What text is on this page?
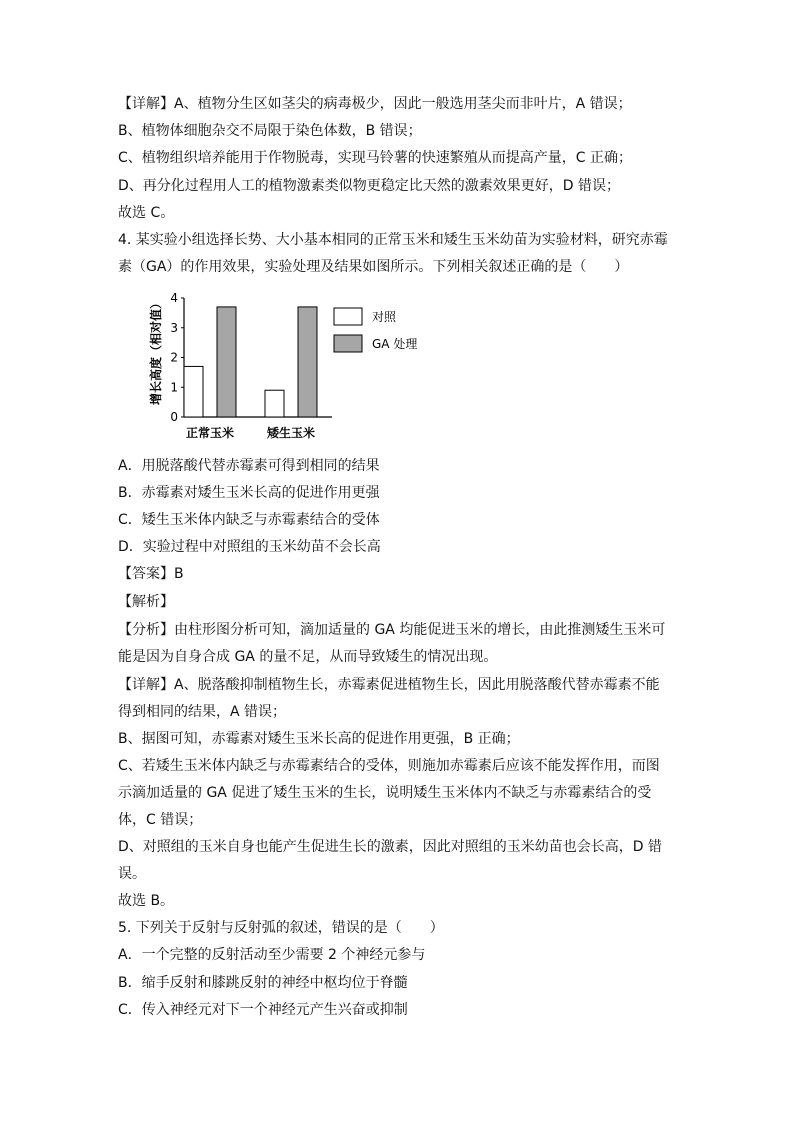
【详解】A、植物分生区如茎尖的病毒极少，因此一般选用茎尖而非叶片，A 错误；
B、植物体细胞杂交不局限于染色体数，B 错误；
C、植物组织培养能用于作物脱毒，实现马铃薯的快速繁殖从而提高产量，C 正确；
D、再分化过程用人工的植物激素类似物更稳定比天然的激素效果更好，D 错误；
故选 C。
4. 某实验小组选择长势、大小基本相同的正常玉米和矮生玉米幼苗为实验材料，研究赤霉
素（GA）的作用效果，实验处理及结果如图所示。下列相关叙述正确的是（　　）
0
1
2
3
4
正常玉米	矮生玉米
对照
GA 处理
增长高度（相对值）
A．用脱落酸代替赤霉素可得到相同的结果
B．赤霉素对矮生玉米长高的促进作用更强
C．矮生玉米体内缺乏与赤霉素结合的受体
D．实验过程中对照组的玉米幼苗不会长高
【答案】B
【解析】
【分析】由柱形图分析可知，滴加适量的 GA 均能促进玉米的增长，由此推测矮生玉米可
能是因为自身合成 GA 的量不足，从而导致矮生的情况出现。
【详解】A、脱落酸抑制植物生长，赤霉素促进植物生长，因此用脱落酸代替赤霉素不能
得到相同的结果，A 错误；
B、据图可知，赤霉素对矮生玉米长高的促进作用更强，B 正确；
C、若矮生玉米体内缺乏与赤霉素结合的受体，则施加赤霉素后应该不能发挥作用，而图
示滴加适量的 GA 促进了矮生玉米的生长，说明矮生玉米体内不缺乏与赤霉素结合的受
体，C 错误；
D、对照组的玉米自身也能产生促进生长的激素，因此对照组的玉米幼苗也会长高，D 错
误。
故选 B。
5. 下列关于反射与反射弧的叙述，错误的是（　　）
A．一个完整的反射活动至少需要 2 个神经元参与
B．缩手反射和膝跳反射的神经中枢均位于脊髓
C．传入神经元对下一个神经元产生兴奋或抑制
